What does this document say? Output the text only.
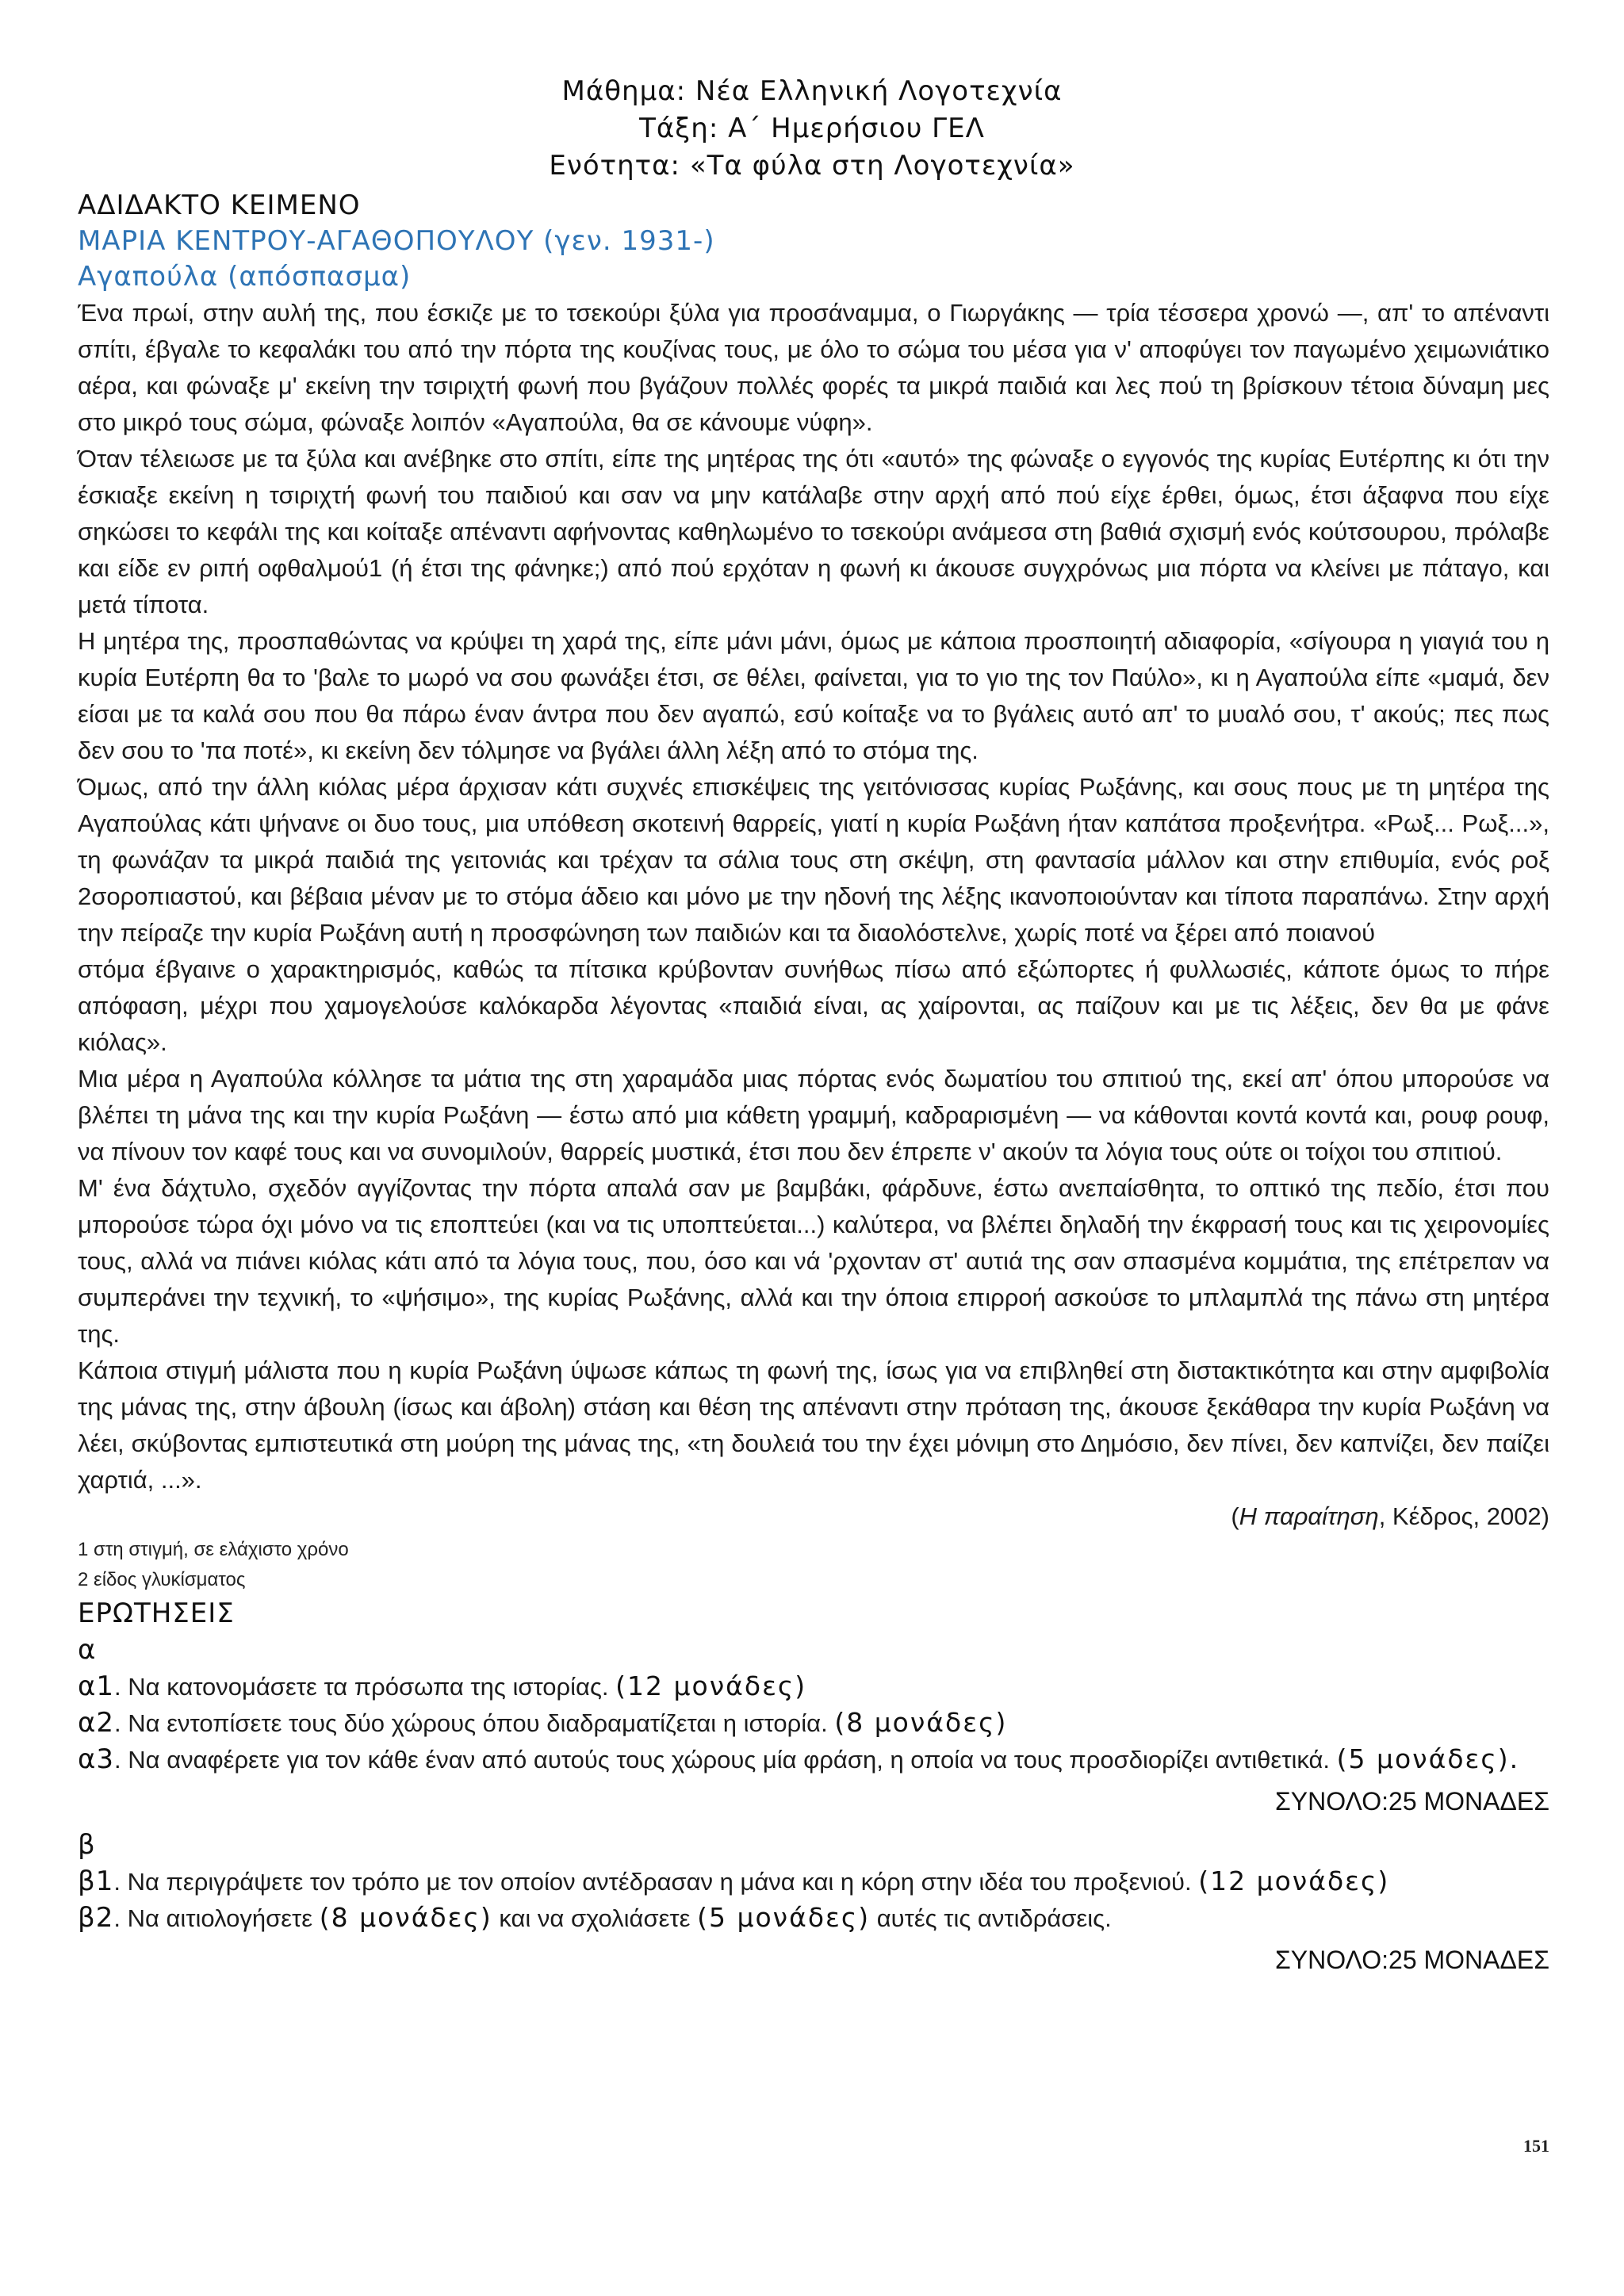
Μάθημα: Νέα Ελληνική Λογοτεχνία
Τάξη: Α΄ Ημερήσιου ΓΕΛ
Ενότητα: «Τα φύλα στη Λογοτεχνία»
ΑΔΙΔΑΚΤΟ ΚΕΙΜΕΝΟ
ΜΑΡΙΑ ΚΕΝΤΡΟΥ-ΑΓΑΘΟΠΟΥΛΟΥ (γεν. 1931-)
Αγαπούλα (απόσπασμα)

Ένα πρωί, στην αυλή της, που έσκιζε με το τσεκούρι ξύλα για προσάναμμα, ο Γιωργάκης — τρία τέσσερα χρονώ —, απ' το απέναντι σπίτι, έβγαλε το κεφαλάκι του από την πόρτα της κουζίνας τους, με όλο το σώμα του μέσα για ν' αποφύγει τον παγωμένο χειμωνιάτικο αέρα, και φώναξε μ' εκείνη την τσιριχτή φωνή που βγάζουν πολλές φορές τα μικρά παιδιά και λες πού τη βρίσκουν τέτοια δύναμη μες στο μικρό τους σώμα, φώναξε λοιπόν «Αγαπούλα, θα σε κάνουμε νύφη».

Όταν τέλειωσε με τα ξύλα και ανέβηκε στο σπίτι, είπε της μητέρας της ότι «αυτό» της φώναξε ο εγγονός της κυρίας Ευτέρπης κι ότι την έσκιαξε εκείνη η τσιριχτή φωνή του παιδιού και σαν να μην κατάλαβε στην αρχή από πού είχε έρθει, όμως, έτσι άξαφνα που είχε σηκώσει το κεφάλι της και κοίταξε απέναντι αφήνοντας καθηλωμένο το τσεκούρι ανάμεσα στη βαθιά σχισμή ενός κούτσουρου, πρόλαβε και είδε εν ριπή οφθαλμού1 (ή έτσι της φάνηκε;) από πού ερχόταν η φωνή κι άκουσε συγχρόνως μια πόρτα να κλείνει με πάταγο, και μετά τίποτα.

Η μητέρα της, προσπαθώντας να κρύψει τη χαρά της, είπε μάνι μάνι, όμως με κάποια προσποιητή αδιαφορία, «σίγουρα η γιαγιά του η κυρία Ευτέρπη θα το 'βαλε το μωρό να σου φωνάξει έτσι, σε θέλει, φαίνεται, για το γιο της τον Παύλο», κι η Αγαπούλα είπε «μαμά, δεν είσαι με τα καλά σου που θα πάρω έναν άντρα που δεν αγαπώ, εσύ κοίταξε να το βγάλεις αυτό απ' το μυαλό σου, τ' ακούς; πες πως δεν σου το 'πα ποτέ», κι εκείνη δεν τόλμησε να βγάλει άλλη λέξη από το στόμα της.

Όμως, από την άλλη κιόλας μέρα άρχισαν κάτι συχνές επισκέψεις της γειτόνισσας κυρίας Ρωξάνης, και σους πους με τη μητέρα της Αγαπούλας κάτι ψήνανε οι δυο τους, μια υπόθεση σκοτεινή θαρρείς, γιατί η κυρία Ρωξάνη ήταν καπάτσα προξενήτρα. «Ρωξ... Ρωξ...», τη φωνάζαν τα μικρά παιδιά της γειτονιάς και τρέχαν τα σάλια τους στη σκέψη, στη φαντασία μάλλον και στην επιθυμία, ενός ροξ 2σοροπιαστού, και βέβαια μέναν με το στόμα άδειο και μόνο με την ηδονή της λέξης ικανοποιούνταν και τίποτα παραπάνω. Στην αρχή την πείραζε την κυρία Ρωξάνη αυτή η προσφώνηση των παιδιών και τα διαολόστελνε, χωρίς ποτέ να ξέρει από ποιανού

στόμα έβγαινε ο χαρακτηρισμός, καθώς τα πίτσικα κρύβονταν συνήθως πίσω από εξώπορτες ή φυλλωσιές, κάποτε όμως το πήρε απόφαση, μέχρι που χαμογελούσε καλόκαρδα λέγοντας «παιδιά είναι, ας χαίρονται, ας παίζουν και με τις λέξεις, δεν θα με φάνε κιόλας».

Μια μέρα η Αγαπούλα κόλλησε τα μάτια της στη χαραμάδα μιας πόρτας ενός δωματίου του σπιτιού της, εκεί απ' όπου μπορούσε να βλέπει τη μάνα της και την κυρία Ρωξάνη — έστω από μια κάθετη γραμμή, καδραρισμένη — να κάθονται κοντά κοντά και, ρουφ ρουφ, να πίνουν τον καφέ τους και να συνομιλούν, θαρρείς μυστικά, έτσι που δεν έπρεπε ν' ακούν τα λόγια τους ούτε οι τοίχοι του σπιτιού.

Μ' ένα δάχτυλο, σχεδόν αγγίζοντας την πόρτα απαλά σαν με βαμβάκι, φάρδυνε, έστω ανεπαίσθητα, το οπτικό της πεδίο, έτσι που μπορούσε τώρα όχι μόνο να τις εποπτεύει (και να τις υποπτεύεται...) καλύτερα, να βλέπει δηλαδή την έκφρασή τους και τις χειρονομίες τους, αλλά να πιάνει κιόλας κάτι από τα λόγια τους, που, όσο και νά 'ρχονταν στ' αυτιά της σαν σπασμένα κομμάτια, της επέτρεπαν να συμπεράνει την τεχνική, το «ψήσιμο», της κυρίας Ρωξάνης, αλλά και την όποια επιρροή ασκούσε το μπλαμπλά της πάνω στη μητέρα της.

Κάποια στιγμή μάλιστα που η κυρία Ρωξάνη ύψωσε κάπως τη φωνή της, ίσως για να επιβληθεί στη διστακτικότητα και στην αμφιβολία της μάνας της, στην άβουλη (ίσως και άβολη) στάση και θέση της απέναντι στην πρόταση της, άκουσε ξεκάθαρα την κυρία Ρωξάνη να λέει, σκύβοντας εμπιστευτικά στη μούρη της μάνας της, «τη δουλειά του την έχει μόνιμη στο Δημόσιο, δεν πίνει, δεν καπνίζει, δεν παίζει χαρτιά, ...».

(Η παραίτηση, Κέδρος, 2002)

1 στη στιγμή, σε ελάχιστο χρόνο

2 είδος γλυκίσματος

ΕΡΩΤΗΣΕΙΣ

α

α1. Να κατονομάσετε τα πρόσωπα της ιστορίας. (12 μονάδες)

α2. Να εντοπίσετε τους δύο χώρους όπου διαδραματίζεται η ιστορία. (8 μονάδες)

α3. Να αναφέρετε για τον κάθε έναν από αυτούς τους χώρους μία φράση, η οποία να τους προσδιορίζει αντιθετικά. (5 μονάδες).

ΣΥΝΟΛΟ:25 ΜΟΝΑΔΕΣ

β

β1. Να περιγράψετε τον τρόπο με τον οποίον αντέδρασαν η μάνα και η κόρη στην ιδέα του προξενιού. (12 μονάδες)

β2. Να αιτιολογήσετε (8 μονάδες) και να σχολιάσετε (5 μονάδες) αυτές τις αντιδράσεις.

ΣΥΝΟΛΟ:25 ΜΟΝΑΔΕΣ

151
